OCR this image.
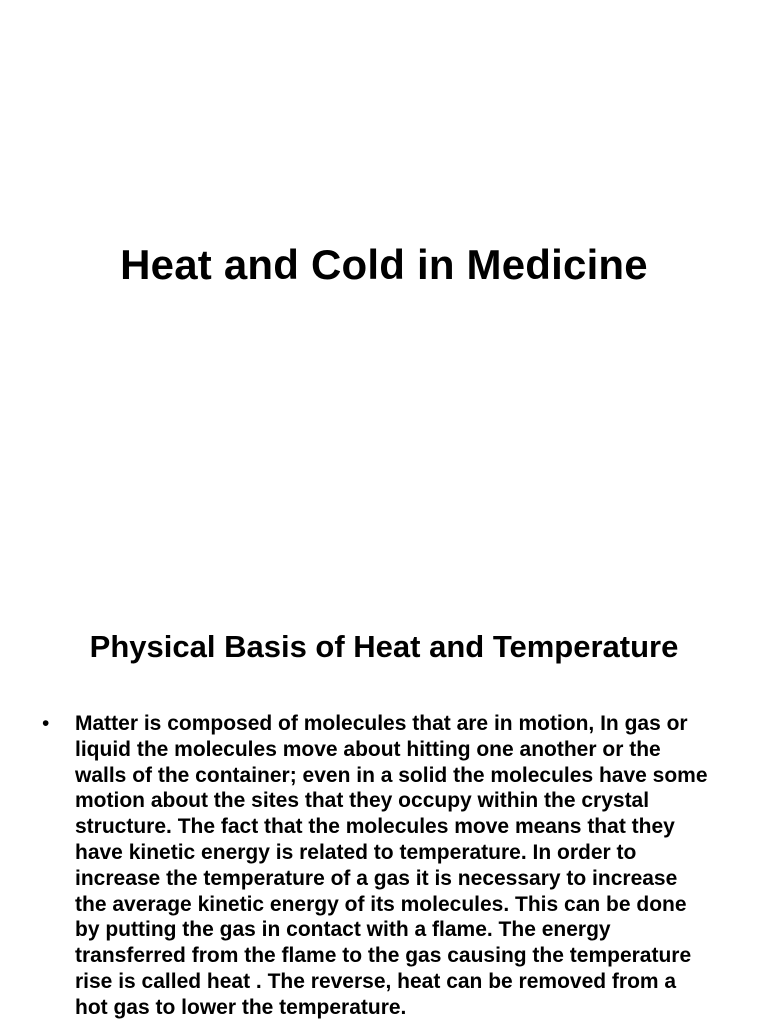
Heat and Cold in Medicine
Physical Basis of Heat and Temperature
• Matter is composed of molecules that are in motion, In gas or liquid the molecules move about hitting one another or the walls of the container; even in a solid the molecules have some motion about the sites that they occupy within the crystal structure. The fact that the molecules move means that they have kinetic energy is related to temperature. In order to increase the temperature of a gas it is necessary to increase the average kinetic energy of its molecules. This can be done by putting the gas in contact with a flame. The energy transferred from the flame to the gas causing the temperature rise is called heat . The reverse, heat can be removed from a hot gas to lower the temperature.
